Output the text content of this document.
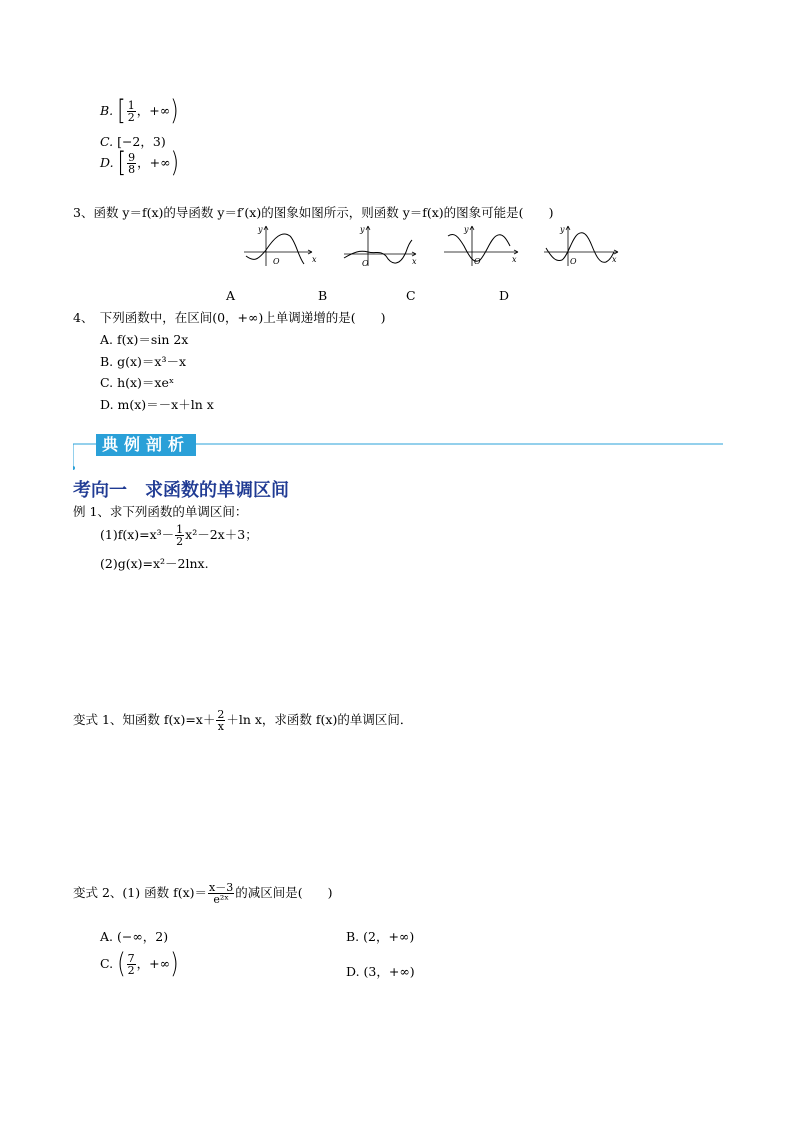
B. [ $\frac{1}{2}$ ，+∞)
C. [−2，3)
D. [ $\frac{9}{8}$ ，+∞)
3、函数 y＝f(x)的导函数 y＝f′(x)的图象如图所示，则函数 y＝f(x)的图象可能是(　　)
y
x
O
y
x
O
y
x
O
y
x
O
A	B	C	D
4、　下列函数中，在区间(0，+∞)上单调递增的是(　　)
A. f(x)＝sin 2x
B. g(x)＝x³－x
C. h(x)＝xeˣ
D. m(x)＝－x＋ln x
典例剖析
考向一　求函数的单调区间
例 1、求下列函数的单调区间：
$(1)f(x)=x^3- \frac{1}{2} x^2-2x+3$；
(2)g(x)=x²－2lnx.
变式 1、知函数 $f(x)=x+ \frac{2}{x} +\ln$ x，求函数 f(x)的单调区间．
变式 2、(1) 函数 $f(x)= \frac{x-3}{\text{e²ˣ}}$ 的减区间是(　　)
A. (−∞，2)	B. (2，+∞)
C. ( $\frac{7}{2}$ ，+∞)	D. (3，+∞)
